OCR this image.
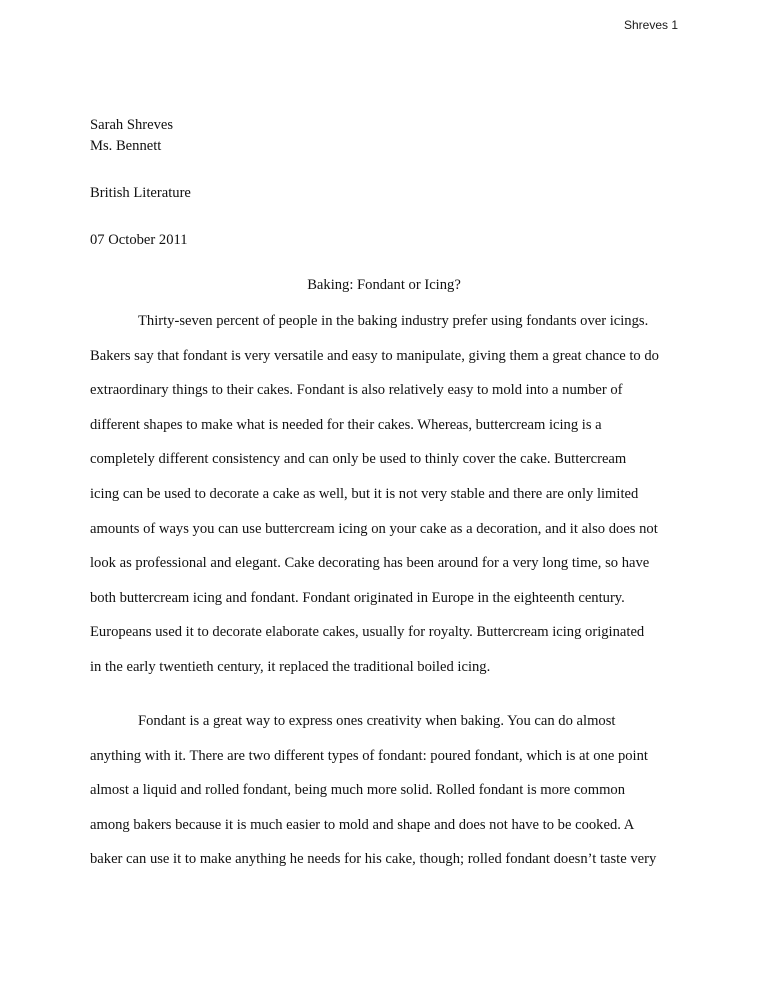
Shreves 1
Sarah Shreves
Ms. Bennett
British Literature
07 October 2011
Baking: Fondant or Icing?
Thirty-seven percent of people in the baking industry prefer using fondants over icings.
Bakers say that fondant is very versatile and easy to manipulate, giving them a great chance to do
extraordinary things to their cakes. Fondant is also relatively easy to mold into a number of
different shapes to make what is needed for their cakes. Whereas, buttercream icing is a
completely different consistency and can only be used to thinly cover the cake. Buttercream
icing can be used to decorate a cake as well, but it is not very stable and there are only limited
amounts of ways you can use buttercream icing on your cake as a decoration, and it also does not
look as professional and elegant. Cake decorating has been around for a very long time, so have
both buttercream icing and fondant. Fondant originated in Europe in the eighteenth century.
Europeans used it to decorate elaborate cakes, usually for royalty. Buttercream icing originated
in the early twentieth century, it replaced the traditional boiled icing.
Fondant is a great way to express ones creativity when baking. You can do almost
anything with it. There are two different types of fondant: poured fondant, which is at one point
almost a liquid and rolled fondant, being much more solid. Rolled fondant is more common
among bakers because it is much easier to mold and shape and does not have to be cooked. A
baker can use it to make anything he needs for his cake, though; rolled fondant doesn’t taste very
